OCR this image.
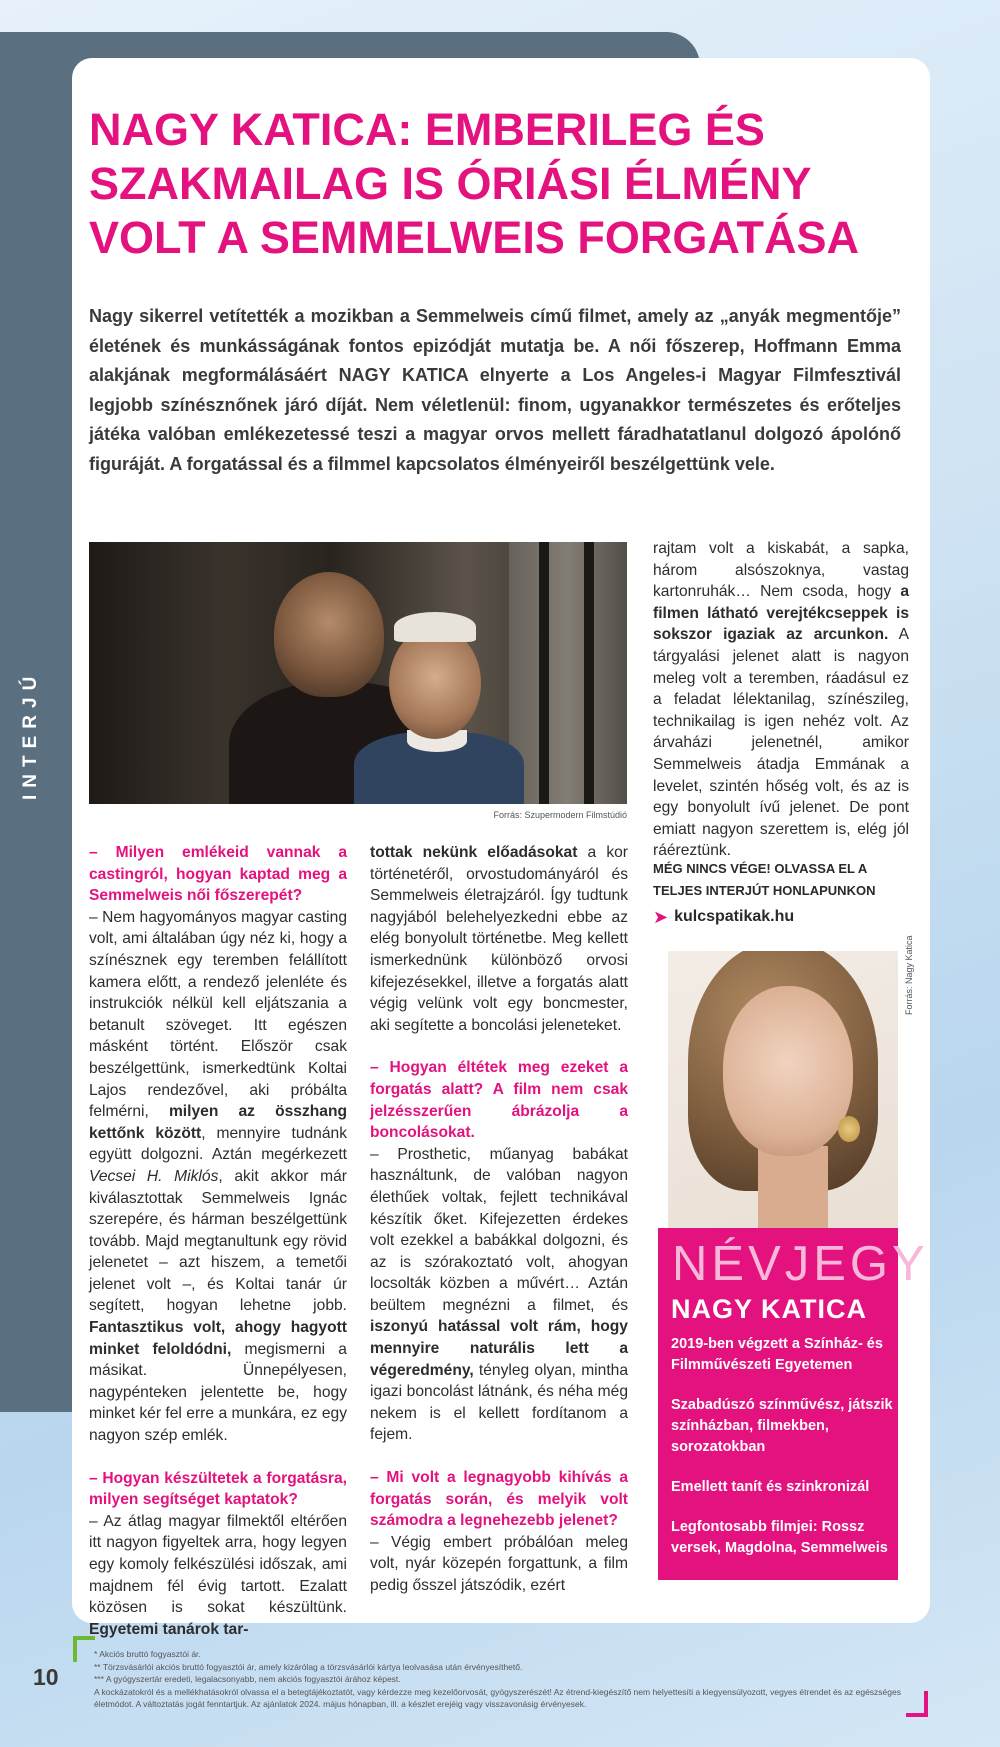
INTERJÚ
NAGY KATICA: EMBERILEG ÉS SZAKMAILAG IS ÓRIÁSI ÉLMÉNY VOLT A SEMMELWEIS FORGATÁSA

Nagy sikerrel vetítették a mozikban a Semmelweis című filmet, amely az „anyák megmentője” életének és munkásságának fontos epizódját mutatja be. A női főszerep, Hoffmann Emma alakjának megformálásáért NAGY KATICA elnyerte a Los Angeles-i Magyar Filmfesztivál legjobb színésznőnek járó díját. Nem véletlenül: finom, ugyanakkor természetes és erőteljes játéka valóban emlékezetessé teszi a magyar orvos mellett fáradhatatlanul dolgozó ápolónő figuráját. A forgatással és a filmmel kapcsolatos élményeiről beszélgettünk vele.

Forrás: Szupermodern Filmstúdió

– Milyen emlékeid vannak a castingról, hogyan kaptad meg a Semmelweis női főszerepét?

– Nem hagyományos magyar casting volt, ami általában úgy néz ki, hogy a színésznek egy teremben felállított kamera előtt, a rendező jelenléte és instrukciók nélkül kell eljátszania a betanult szöveget. Itt egészen másként történt. Először csak beszélgettünk, ismerkedtünk Koltai Lajos rendezővel, aki próbálta felmérni, milyen az összhang kettőnk között, mennyire tudnánk együtt dolgozni. Aztán megérkezett Vecsei H. Miklós, akit akkor már kiválasztottak Semmelweis Ignác szerepére, és hárman beszélgettünk tovább. Majd megtanultunk egy rövid jelenetet – azt hiszem, a temetői jelenet volt –, és Koltai tanár úr segített, hogyan lehetne jobb. Fantasztikus volt, ahogy hagyott minket feloldódni, megismerni a másikat. Ünnepélyesen, nagypénteken jelentette be, hogy minket kér fel erre a munkára, ez egy nagyon szép emlék.

– Hogyan készültetek a forgatásra, milyen segítséget kaptatok?

– Az átlag magyar filmektől eltérően itt nagyon figyeltek arra, hogy legyen egy komoly felkészülési időszak, ami majdnem fél évig tartott. Ezalatt közösen is sokat készültünk. Egyetemi tanárok tar-

tottak nekünk előadásokat a kor történetéről, orvostudományáról és Semmelweis életrajzáról. Így tudtunk nagyjából belehelyezkedni ebbe az elég bonyolult történetbe. Meg kellett ismerkednünk különböző orvosi kifejezésekkel, illetve a forgatás alatt végig velünk volt egy boncmester, aki segítette a boncolási jeleneteket.

– Hogyan éltétek meg ezeket a forgatás alatt? A film nem csak jelzésszerűen ábrázolja a boncolásokat.

– Prosthetic, műanyag babákat használtunk, de valóban nagyon élethűek voltak, fejlett technikával készítik őket. Kifejezetten érdekes volt ezekkel a babákkal dolgozni, és az is szórakoztató volt, ahogyan locsolták közben a művért… Aztán beültem megnézni a filmet, és iszonyú hatással volt rám, hogy mennyire naturális lett a végeredmény, tényleg olyan, mintha igazi boncolást látnánk, és néha még nekem is el kellett fordítanom a fejem.

– Mi volt a legnagyobb kihívás a forgatás során, és melyik volt számodra a legnehezebb jelenet?

– Végig embert próbálóan meleg volt, nyár közepén forgattunk, a film pedig ősszel játszódik, ezért

rajtam volt a kiskabát, a sapka, három alsószoknya, vastag kartonruhák… Nem csoda, hogy a filmen látható verejtékcseppek is sokszor igaziak az arcunkon. A tárgyalási jelenet alatt is nagyon meleg volt a teremben, ráadásul ez a feladat lélektanilag, színészileg, technikailag is igen nehéz volt. Az árvaházi jelenetnél, amikor Semmelweis átadja Emmának a levelet, szintén hőség volt, és az is egy bonyolult ívű jelenet. De pont emiatt nagyon szerettem is, elég jól ráéreztünk.

MÉG NINCS VÉGE! OLVASSA EL A TELJES INTERJÚT HONLAPUNKON
➤ kulcspatikak.hu
Forrás: Nagy Katica
NÉVJEGY
NAGY KATICA

2019-ben végzett a Színház- és Filmművészeti Egyetemen

Szabadúszó színművész, játszik színházban, filmekben, sorozatokban

Emellett tanít és szinkronizál

Legfontosabb filmjei: Rossz versek, Magdolna, Semmelweis

10
* Akciós bruttó fogyasztói ár.
** Törzsvásárlói akciós bruttó fogyasztói ár, amely kizárólag a törzsvásárlói kártya leolvasása után érvényesíthető.
*** A gyógyszertár eredeti, legalacsonyabb, nem akciós fogyasztói árához képest.
A kockázatokról és a mellékhatásokról olvassa el a betegtájékoztatót, vagy kérdezze meg kezelőorvosát, gyógyszerészét! Az étrend-kiegészítő nem helyettesíti a kiegyensúlyozott, vegyes étrendet és az egészséges életmódot. A változtatás jogát fenntartjuk. Az ajánlatok 2024. május hónapban, ill. a készlet erejéig vagy visszavonásig érvényesek.
